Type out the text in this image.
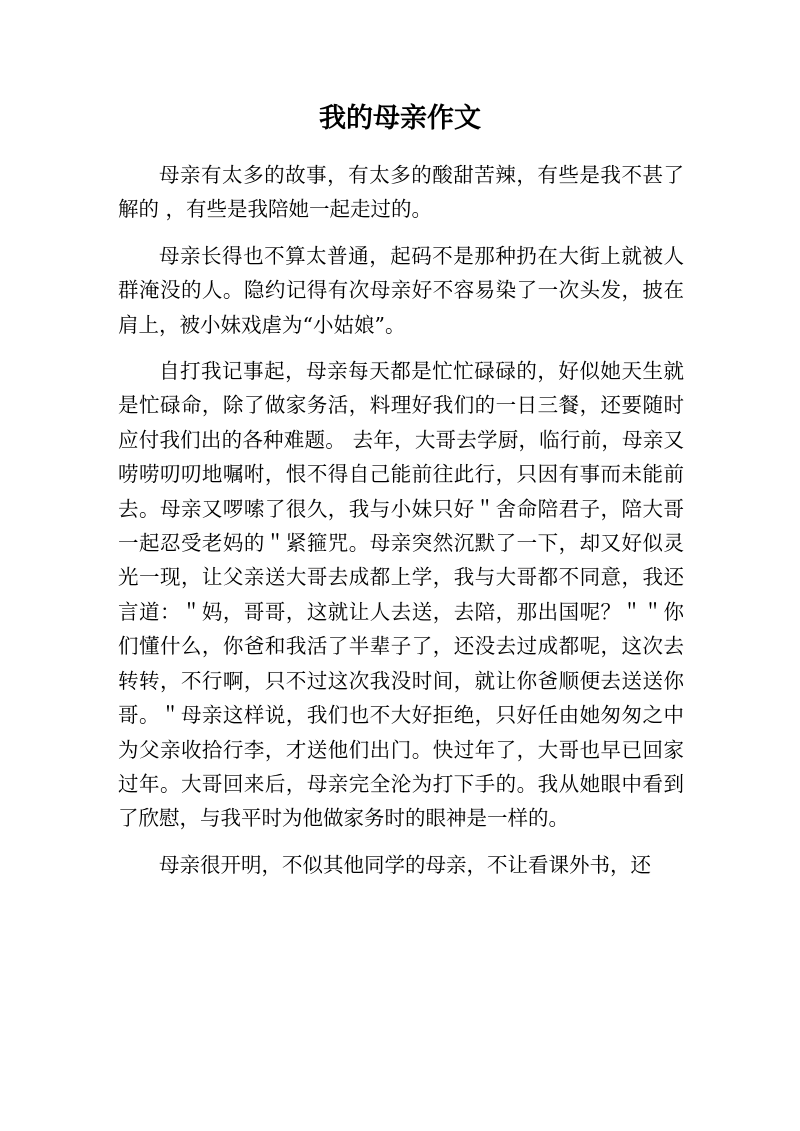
我的母亲作文

母亲有太多的故事，有太多的酸甜苦辣，有些是我不甚了解的 ，有些是我陪她一起走过的。

母亲长得也不算太普通，起码不是那种扔在大街上就被人群淹没的人。隐约记得有次母亲好不容易染了一次头发，披在肩上，被小妹戏虐为“小姑娘”。

自打我记事起，母亲每天都是忙忙碌碌的，好似她天生就是忙碌命，除了做家务活，料理好我们的一日三餐，还要随时应付我们出的各种难题。 去年，大哥去学厨，临行前，母亲又唠唠叨叨地嘱咐，恨不得自己能前往此行，只因有事而未能前去。母亲又啰嗦了很久，我与小妹只好＂舍命陪君子，陪大哥一起忍受老妈的＂紧箍咒。母亲突然沉默了一下，却又好似灵光一现，让父亲送大哥去成都上学，我与大哥都不同意，我还言道：＂妈，哥哥，这就让人去送，去陪，那出国呢？＂＂你们懂什么，你爸和我活了半辈子了，还没去过成都呢，这次去转转，不行啊，只不过这次我没时间，就让你爸顺便去送送你哥。＂母亲这样说，我们也不大好拒绝，只好任由她匆匆之中为父亲收拾行李，才送他们出门。快过年了，大哥也早已回家过年。大哥回来后，母亲完全沦为打下手的。我从她眼中看到了欣慰，与我平时为他做家务时的眼神是一样的。

母亲很开明，不似其他同学的母亲，不让看课外书，还
